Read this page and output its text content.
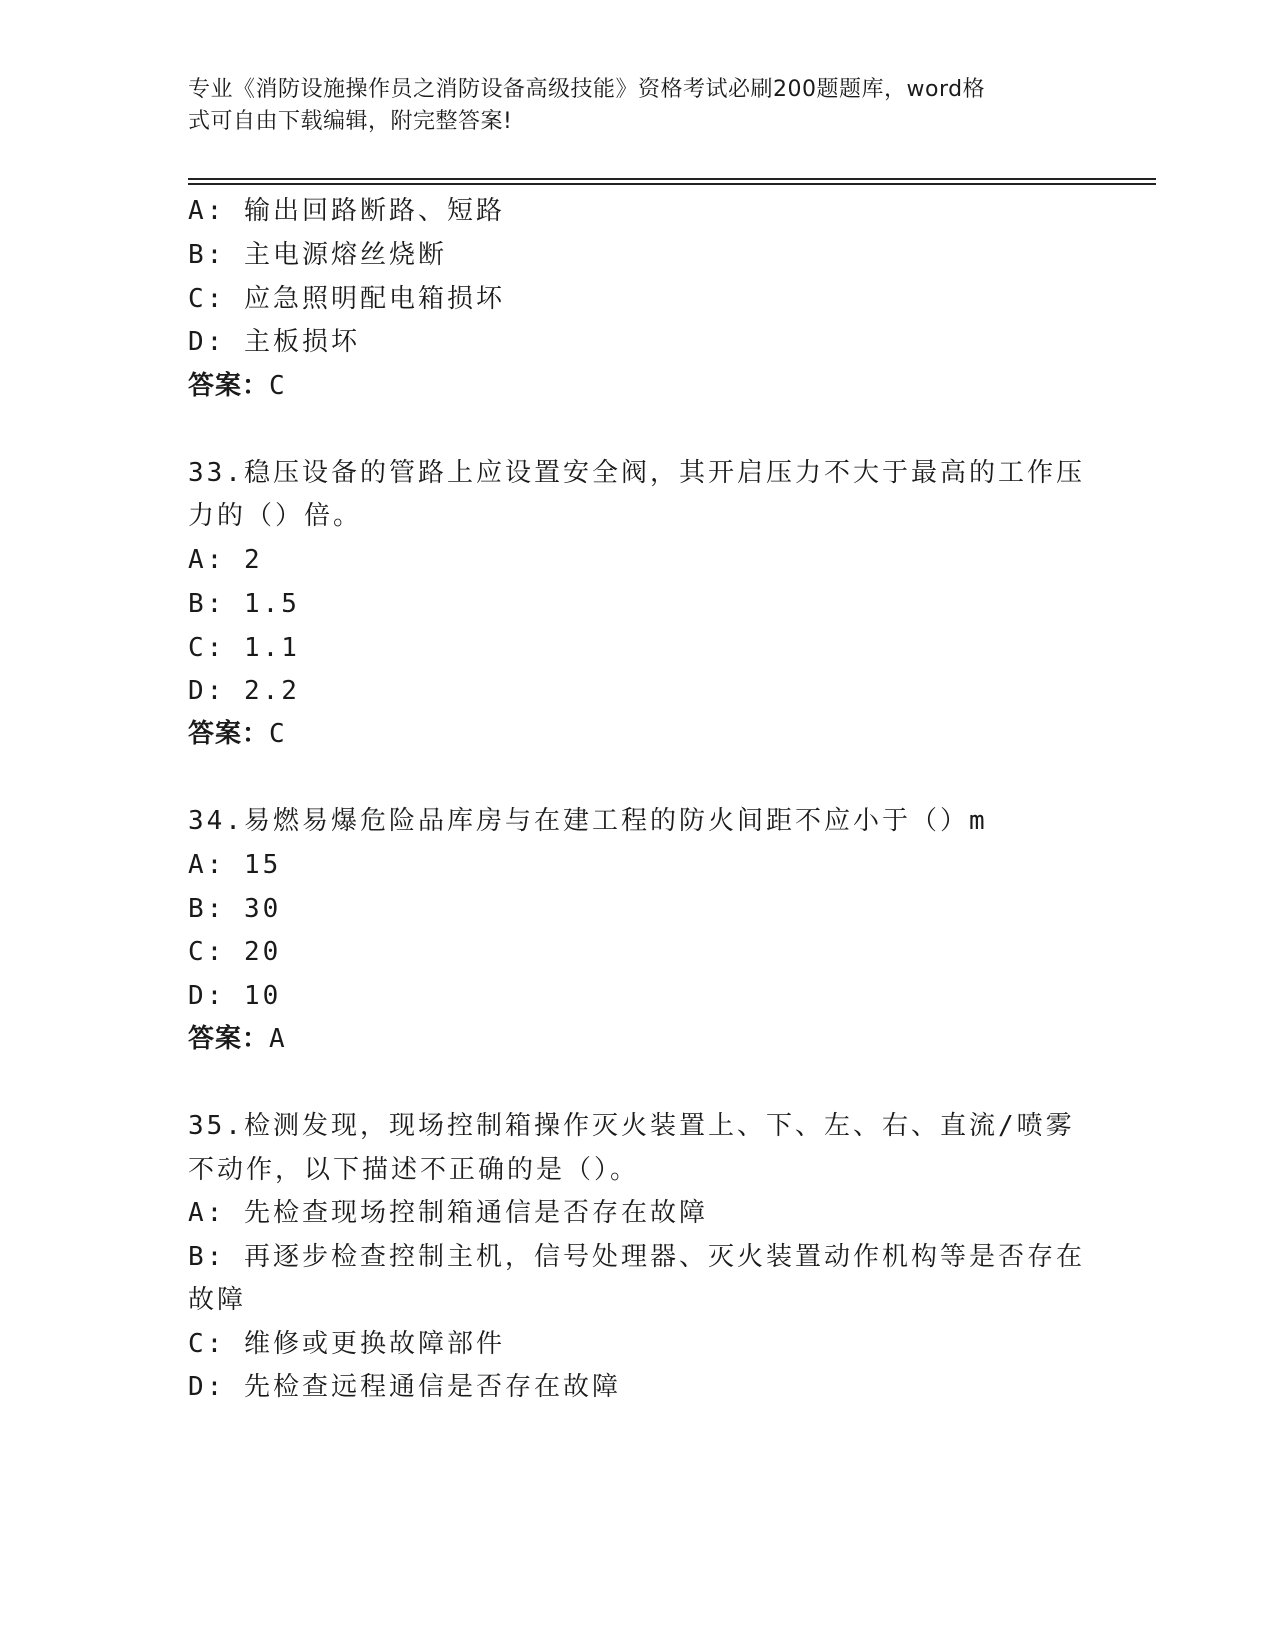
专业《消防设施操作员之消防设备高级技能》资格考试必刷200题题库，word格
式可自由下载编辑，附完整答案!
A: 输出回路断路、短路
B: 主电源熔丝烧断
C: 应急照明配电箱损坏
D: 主板损坏
答案：C
33.稳压设备的管路上应设置安全阀，其开启压力不大于最高的工作压
力的（）倍。
A: 2
B: 1.5
C: 1.1
D: 2.2
答案：C
34.易燃易爆危险品库房与在建工程的防火间距不应小于（）m
A: 15
B: 30
C: 20
D: 10
答案：A
35.检测发现，现场控制箱操作灭火装置上、下、左、右、直流/喷雾
不动作，以下描述不正确的是（）。
A: 先检查现场控制箱通信是否存在故障
B: 再逐步检查控制主机，信号处理器、灭火装置动作机构等是否存在
故障
C: 维修或更换故障部件
D: 先检查远程通信是否存在故障
